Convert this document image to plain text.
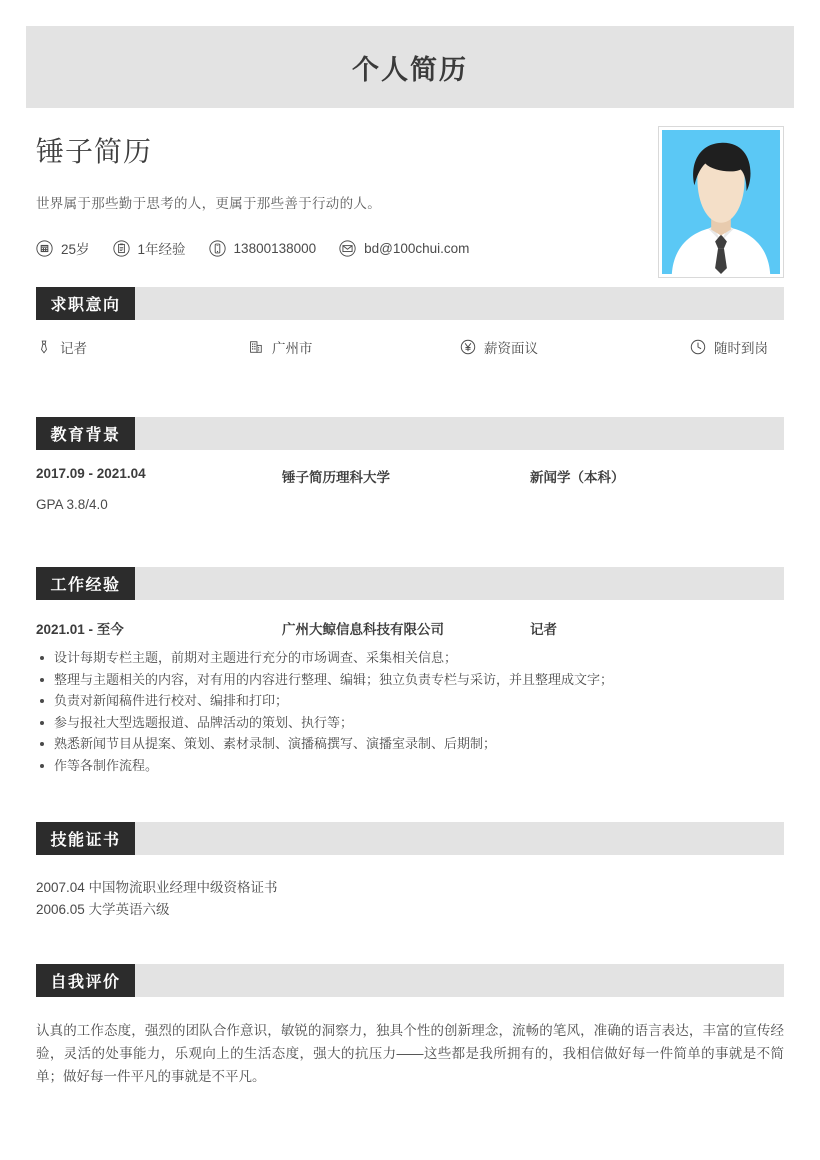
个人简历
锤子简历

世界属于那些勤于思考的人，更属于那些善于行动的人。

25岁	1年经验	13800138000	bd@100chui.com
求职意向
记者	广州市	薪资面议	随时到岗
教育背景
2017.09 - 2021.04	锤子简历理科大学	新闻学（本科）
GPA 3.8/4.0
工作经验
2021.01 - 至今	广州大鲸信息科技有限公司	记者
设计每期专栏主题，前期对主题进行充分的市场调查、采集相关信息；
整理与主题相关的内容，对有用的内容进行整理、编辑；独立负责专栏与采访，并且整理成文字；
负责对新闻稿件进行校对、编排和打印；
参与报社大型选题报道、品牌活动的策划、执行等；
熟悉新闻节目从提案、策划、素材录制、演播稿撰写、演播室录制、后期制；
作等各制作流程。
技能证书
2007.04 中国物流职业经理中级资格证书
2006.05 大学英语六级
自我评价
认真的工作态度，强烈的团队合作意识，敏锐的洞察力，独具个性的创新理念，流畅的笔风，准确的语言表达，丰富的宣传经验，灵活的处事能力，乐观向上的生活态度，强大的抗压力——这些都是我所拥有的，我相信做好每一件简单的事就是不简单；做好每一件平凡的事就是不平凡。
